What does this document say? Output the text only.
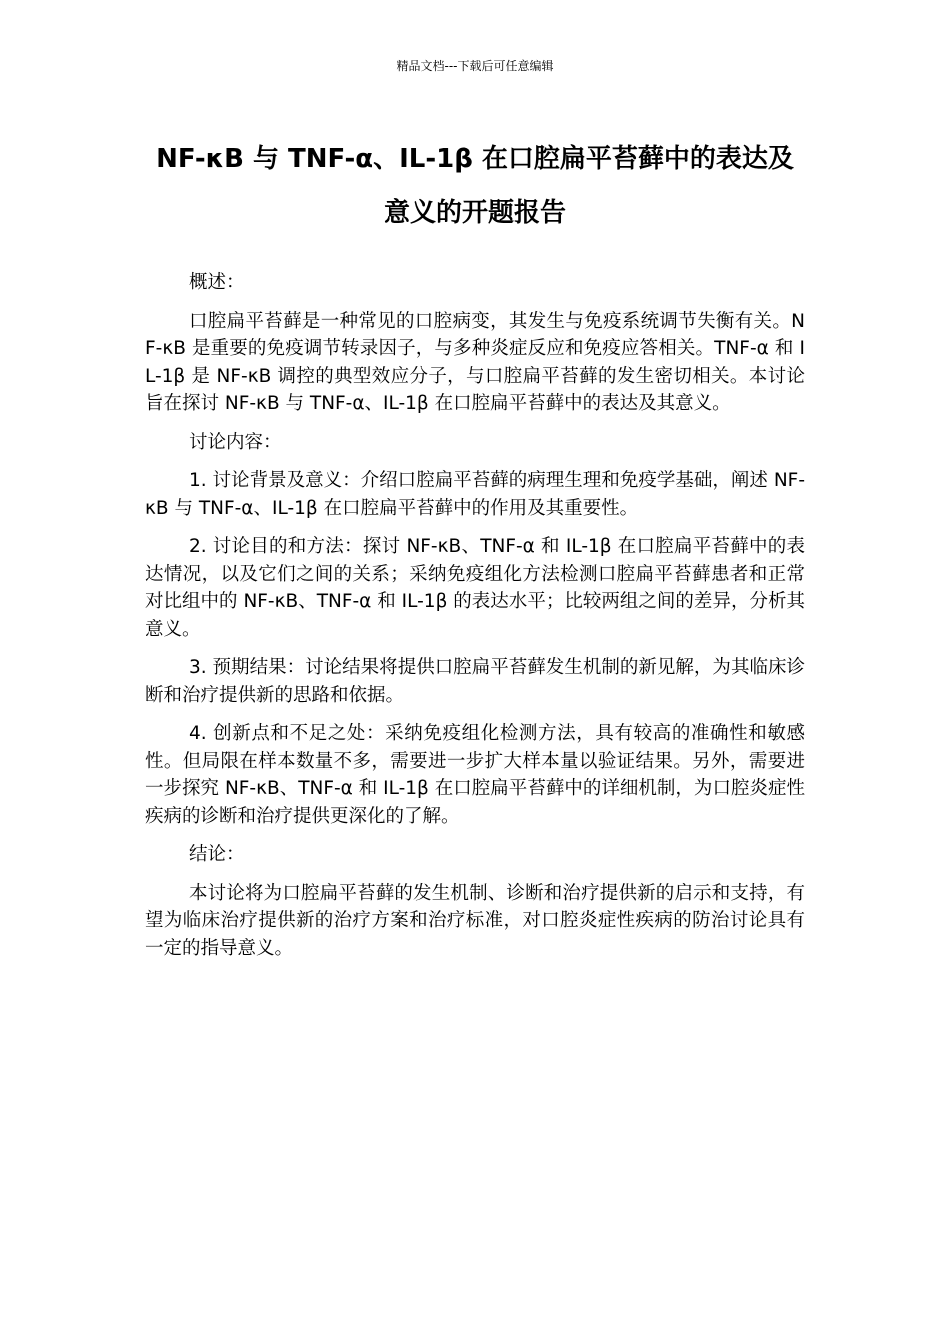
精品文档---下载后可任意编辑
NF-κB 与 TNF-α、IL-1β 在口腔扁平苔藓中的表达及
意义的开题报告

概述：

口腔扁平苔藓是一种常见的口腔病变，其发生与免疫系统调节失衡有关。NF-κB 是重要的免疫调节转录因子，与多种炎症反应和免疫应答相关。TNF-α 和 IL-1β 是 NF-κB 调控的典型效应分子，与口腔扁平苔藓的发生密切相关。本讨论旨在探讨 NF-κB 与 TNF-α、IL-1β 在口腔扁平苔藓中的表达及其意义。

讨论内容：

1. 讨论背景及意义：介绍口腔扁平苔藓的病理生理和免疫学基础，阐述 NF-κB 与 TNF-α、IL-1β 在口腔扁平苔藓中的作用及其重要性。

2. 讨论目的和方法：探讨 NF-κB、TNF-α 和 IL-1β 在口腔扁平苔藓中的表达情况，以及它们之间的关系；采纳免疫组化方法检测口腔扁平苔藓患者和正常对比组中的 NF-κB、TNF-α 和 IL-1β 的表达水平；比较两组之间的差异，分析其意义。

3. 预期结果：讨论结果将提供口腔扁平苔藓发生机制的新见解，为其临床诊断和治疗提供新的思路和依据。

4. 创新点和不足之处：采纳免疫组化检测方法，具有较高的准确性和敏感性。但局限在样本数量不多，需要进一步扩大样本量以验证结果。另外，需要进一步探究 NF-κB、TNF-α 和 IL-1β 在口腔扁平苔藓中的详细机制，为口腔炎症性疾病的诊断和治疗提供更深化的了解。

结论：

本讨论将为口腔扁平苔藓的发生机制、诊断和治疗提供新的启示和支持，有望为临床治疗提供新的治疗方案和治疗标准，对口腔炎症性疾病的防治讨论具有一定的指导意义。
